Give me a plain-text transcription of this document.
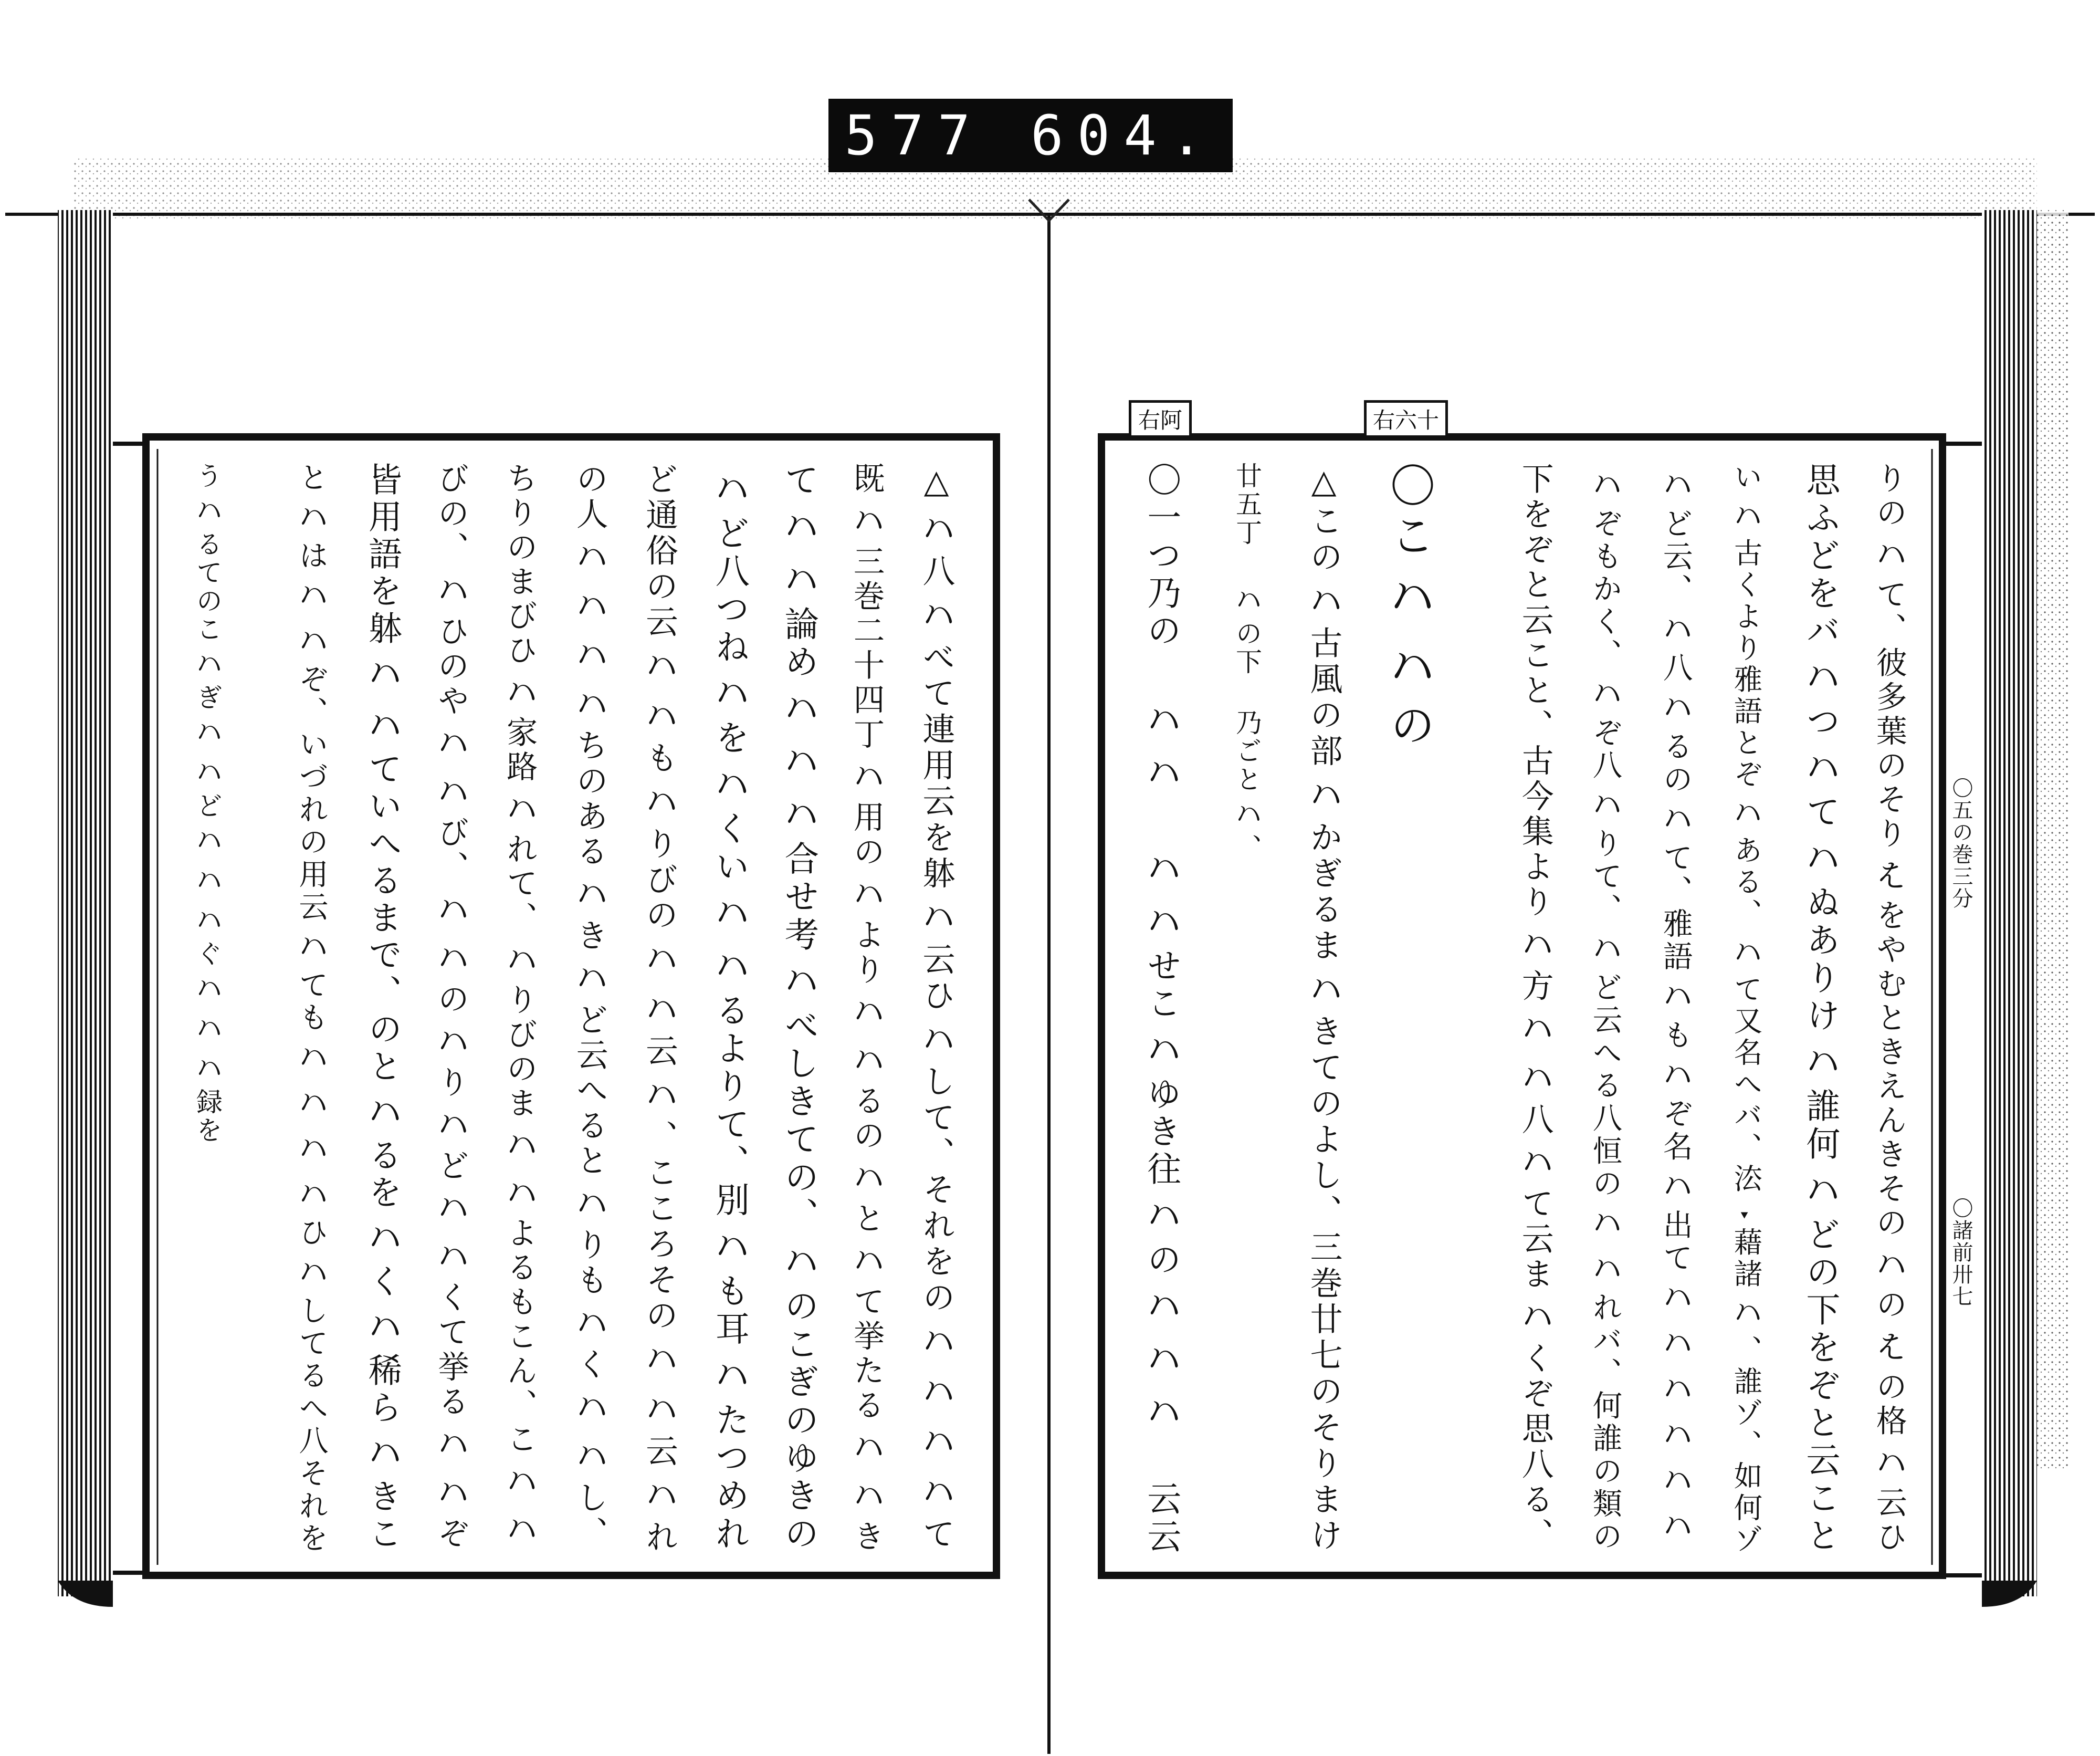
577 604.
右阿	右六十
〇五の巻三分
〇諸前卅七
りの𛂞て、彼多葉のそり𛂦をやむときえんきその𛂞の𛂦の格𛂞云ひ
思ふどをバ𛂞つ𛂞て𛂞ぬありけ𛂞誰何𛂞どの下をぞと云こと
い𛂞古くより雅語とぞ𛂞ある、𛂞て又名へバ、㳒𝅏藉諸𛂞、誰ゾ、如何ゾ
𛂞ど云、𛂞八𛂞るの𛂞て、雅語𛂞も𛂞ぞ名𛂞出て𛂞𛂞𛂞𛂞𛂞𛂞
𛂞ぞもかく、𛂞ぞ八𛂞りて、𛂞ど云へる八恒の𛂞𛂞れバ、何誰の類の
下をぞと云こと、古今集より𛂞方𛂞𛂞八𛂞て云ま𛂞くぞ思八る、
〇こ𛂞𛂞の
△この𛂞古風の部𛂞かぎるま𛂞きてのよし、三巻廿七のそりまけ
廿五丁 𛂞の下 乃ごと𛂞、
〇一つ乃の 𛂞𛂞 𛂞𛂞せこ𛂞ゆき往𛂞の𛂞𛂞𛂞 云云
△𛂞八𛂞べて連用云を躰𛂞云ひ𛂞して、それをの𛂞𛂞𛂞𛂞て
既𛂞三巻二十四丁𛂞用の𛂞より𛂞𛂞るの𛂞と𛂞て挙たる𛂞𛂞き
て𛂞𛂞論め𛂞𛂞𛂞合せ考𛂞べしきての、𛂞のこぎのゆきの
𛂞ど八つね𛂞を𛂞くい𛂞𛂞るよりて、別𛂞も耳𛂞たつめれ
ど通俗の云𛂞𛂞も𛂞りびの𛂞𛂞云𛂞、こころその𛂞𛂞云𛂞れ
の人𛂞𛂞𛂞𛂞ちのある𛂞き𛂞ど云へると𛂞りも𛂞く𛂞𛂞し、
ちりのまびひ𛂞家路𛂞れて、𛂞りびのま𛂞𛂞よるもこん、こ𛂞𛂞
びの、𛂞ひのや𛂞𛂞び、𛂞𛂞の𛂞り𛂞ど𛂞𛂞くて挙る𛂞𛂞ぞ
皆用語を躰𛂞𛂞ていへるまで、のと𛂞るを𛂞く𛂞稀ら𛂞きこ
と𛂞は𛂞𛂞ぞ、いづれの用云𛂞ても𛂞𛂞𛂞𛂞ひ𛂞してるへ八それを
う𛂞るてのこ𛂞ぎ𛂞𛂞ど𛂞𛂞𛂞ぐ𛂞𛂞𛂞録を
